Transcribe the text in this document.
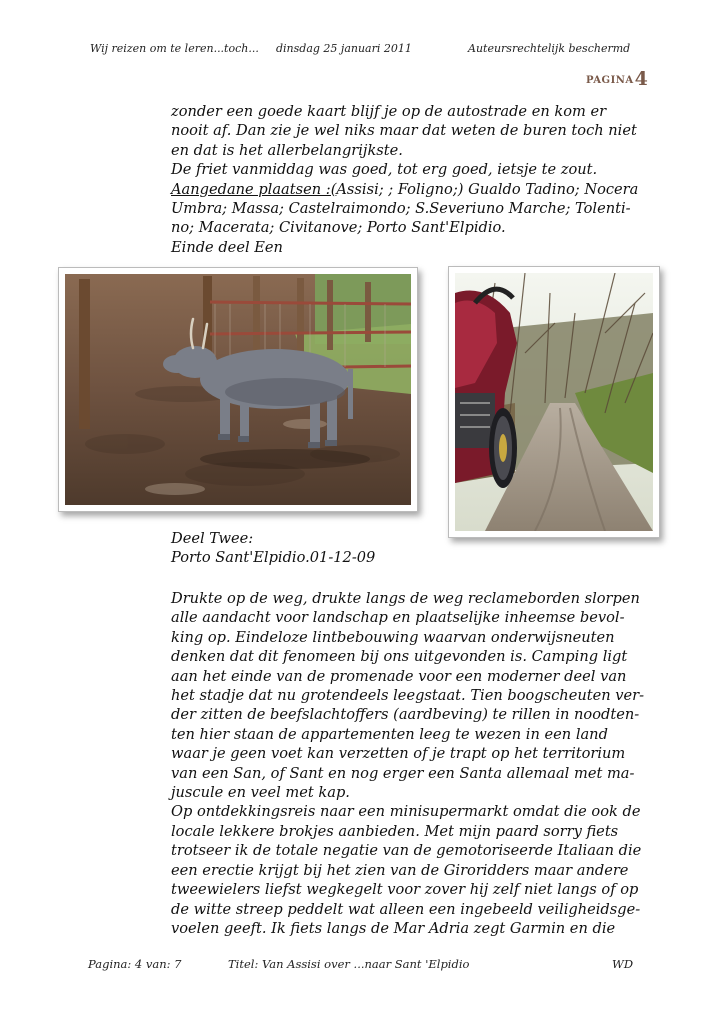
Wij reizen om te leren...toch... dinsdag 25 januari 2011	Auteursrechtelijk beschermd
PAGINA4
zonder een goede kaart blijf je op de autostrade en kom er
nooit af. Dan zie je wel niks maar dat weten de buren toch niet
en dat is het allerbelangrijkste.
De friet vanmiddag was goed, tot erg goed, ietsje te zout.
Aangedane plaatsen :(Assisi; ; Foligno;) Gualdo Tadino; Nocera
Umbra; Massa; Castelraimondo; S.Severiuno Marche; Tolenti-
no; Macerata; Civitanove; Porto Sant'Elpidio.
Einde deel Een
Deel Twee:
Porto Sant'Elpidio.01-12-09
Drukte op de weg, drukte langs de weg reclameborden slorpen
alle aandacht voor landschap en plaatselijke inheemse bevol-
king op. Eindeloze lintbebouwing waarvan onderwijsneuten
denken dat dit fenomeen bij ons uitgevonden is. Camping ligt
aan het einde van de promenade voor een moderner deel van
het stadje dat nu grotendeels leegstaat. Tien boogscheuten ver-
der zitten de beefslachtoffers (aardbeving) te rillen in noodten-
ten hier staan de appartementen leeg te wezen in een land
waar je geen voet kan verzetten of je trapt op het territorium
van een San, of Sant en nog erger een Santa allemaal met ma-
juscule en veel met kap.
Op ontdekkingsreis naar een minisupermarkt omdat die ook de
locale lekkere brokjes aanbieden. Met mijn paard sorry fiets
trotseer ik de totale negatie van de gemotoriseerde Italiaan die
een erectie krijgt bij het zien van de Giroridders maar andere
tweewielers liefst wegkegelt voor zover hij zelf niet langs of op
de witte streep peddelt wat alleen een ingebeeld veiligheidsge-
voelen geeft. Ik fiets langs de Mar Adria zegt Garmin en die
Pagina: 4 van: 7	Titel: Van Assisi over ...naar Sant 'Elpidio	WD
